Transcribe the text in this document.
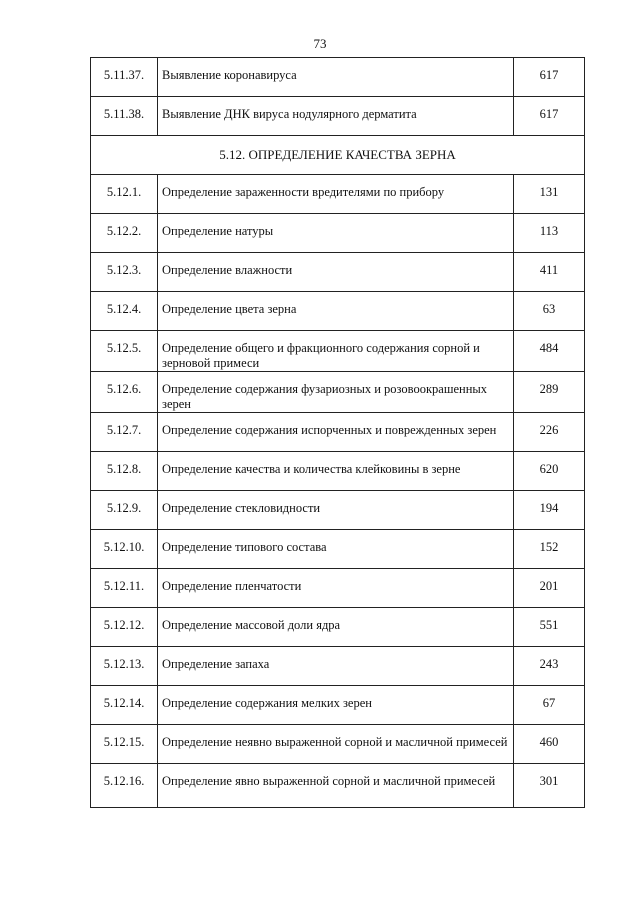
73
5.11.37.	Выявление коронавируса	617
5.11.38.	Выявление ДНК вируса нодулярного дерматита	617
5.12. ОПРЕДЕЛЕНИЕ КАЧЕСТВА ЗЕРНА		
5.12.1.	Определение зараженности вредителями по прибору	131
5.12.2.	Определение натуры	113
5.12.3.	Определение влажности	411
5.12.4.	Определение цвета зерна	63
5.12.5.	Определение общего и фракционного содержания сорной и зерновой примеси	484
5.12.6.	Определение содержания фузариозных и розовоокрашенных зерен	289
5.12.7.	Определение содержания испорченных и поврежденных зерен	226
5.12.8.	Определение качества и количества клейковины в зерне	620
5.12.9.	Определение стекловидности	194
5.12.10.	Определение типового состава	152
5.12.11.	Определение пленчатости	201
5.12.12.	Определение массовой доли ядра	551
5.12.13.	Определение запаха	243
5.12.14.	Определение содержания мелких зерен	67
5.12.15.	Определение неявно выраженной сорной и масличной примесей	460
5.12.16.	Определение явно выраженной сорной и масличной примесей	301
